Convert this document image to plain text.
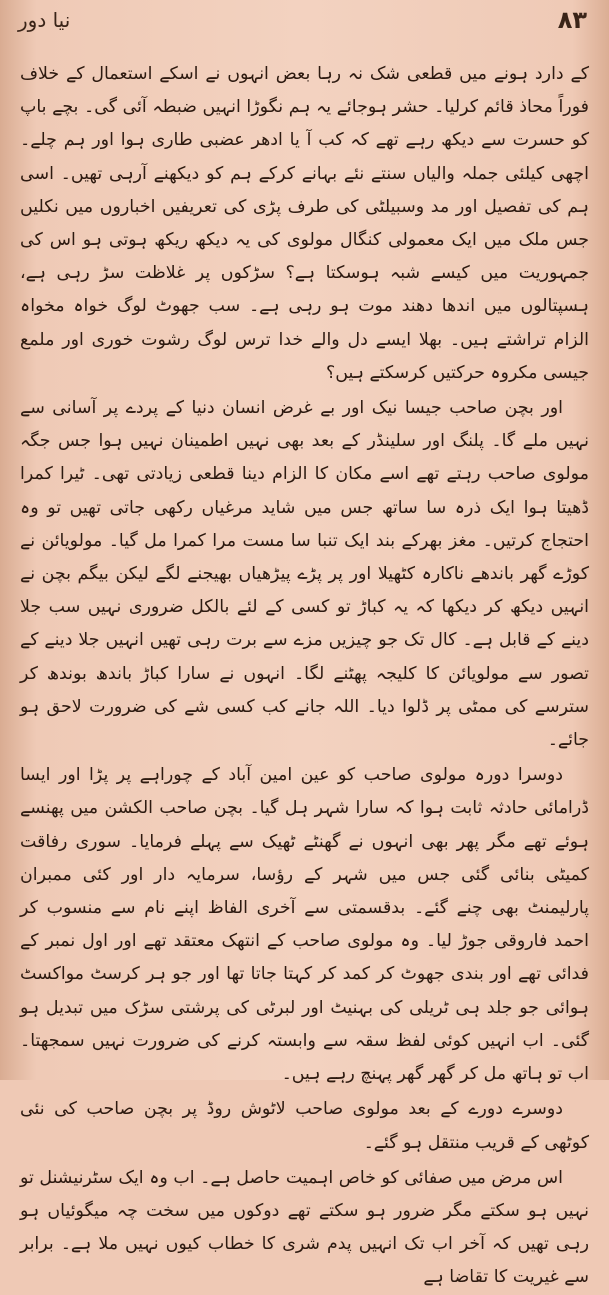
نیا دور	٨٣

کے دارد ہونے میں قطعی شک نہ رہا بعض انہوں نے اسکے استعمال کے خلاف فوراً محاذ قائم کرلیا۔ حشر ہوجائے یہ ہم نگوڑا انہیں ضبطہ آئی گی۔ بچے باپ کو حسرت سے دیکھ رہے تھے کہ کب آ یا ادھر عضبی طاری ہوا اور ہم چلے۔ اچھی کیلئی جملہ والیاں سنتے نئے بہانے کرکے ہم کو دیکھنے آرہی تھیں۔ اسی ہم کی تفصیل اور مد وسبیلٹی کی طرف پڑی کی تعریفیں اخباروں میں نکلیں جس ملک میں ایک معمولی کنگال مولوی کی یہ دیکھ ریکھ ہوتی ہو اس کی جمہوریت میں کیسے شبہ ہوسکتا ہے؟ سڑکوں پر غلاظت سڑ رہی ہے، ہسپتالوں میں اندھا دھند موت ہو رہی ہے۔ سب جھوٹ لوگ خواہ مخواہ الزام تراشتے ہیں۔ بھلا ایسے دل والے خدا ترس لوگ رشوت خوری اور ملمع جیسی مکروہ حرکتیں کرسکتے ہیں؟

اور بچن صاحب جیسا نیک اور بے غرض انسان دنیا کے پردے پر آسانی سے نہیں ملے گا۔ پلنگ اور سلینڈر کے بعد بھی نہیں اطمینان نہیں ہوا جس جگہ مولوی صاحب رہتے تھے اسے مکان کا الزام دینا قطعی زیادتی تھی۔ ٹیرا کمرا ڈھیتا ہوا ایک ذرہ سا ساتھ جس میں شاید مرغیاں رکھی جاتی تھیں تو وہ احتجاج کرتیں۔ مغز بھرکے بند ایک تنبا سا مست مرا کمرا مل گیا۔ مولویائن نے کوڑے گھر باندھے ناکارہ کٹھیلا اور پر پڑے پیڑھیاں بھیجنے لگے لیکن بیگم بچن نے انہیں دیکھ کر دیکھا کہ یہ کباڑ تو کسی کے لئے بالکل ضروری نہیں سب جلا دینے کے قابل ہے۔ کال تک جو چیزیں مزے سے برت رہی تھیں انہیں جلا دینے کے تصور سے مولویائن کا کلیجہ پھٹنے لگا۔ انہوں نے سارا کباڑ باندھ بوندھ کر سترسے کی ممٹی پر ڈلوا دیا۔ اللہ جانے کب کسی شے کی ضرورت لاحق ہو جائے۔

دوسرا دورہ مولوی صاحب کو عین امین آباد کے چوراہے پر پڑا اور ایسا ڈرامائی حادثہ ثابت ہوا کہ سارا شہر ہل گیا۔ بچن صاحب الکشن میں پھنسے ہوئے تھے مگر پھر بھی انہوں نے گھنٹے ٹھیک سے پہلے فرمایا۔ سوری رفاقت کمیٹی بنائی گئی جس میں شہر کے رؤسا، سرمایہ دار اور کئی ممبران پارلیمنٹ بھی چنے گئے۔ بدقسمتی سے آخری الفاظ اپنے نام سے منسوب کر احمد فاروقی جوڑ لیا۔ وہ مولوی صاحب کے انتھک معتقد تھے اور اول نمبر کے فدائی تھے اور بندی جھوٹ کر کمد کر کہتا جاتا تھا اور جو ہر کرسٹ مواکسٹ ہوائی جو جلد ہی ٹریلی کی بہنیٹ اور لبرٹی کی پرشتی سڑک میں تبدیل ہو گئی۔ اب انہیں کوئی لفظ سقہ سے وابستہ کرنے کی ضرورت نہیں سمجھتا۔ اب تو ہاتھ مل کر گھر گھر پہنچ رہے ہیں۔

دوسرے دورے کے بعد مولوی صاحب لاٹوش روڈ پر بچن صاحب کی نئی کوٹھی کے قریب منتقل ہو گئے۔

اس مرض میں صفائی کو خاص اہمیت حاصل ہے۔ اب وہ ایک سٹرنیشنل تو نہیں ہو سکتے مگر ضرور ہو سکتے تھے دوکوں میں سخت چہ میگوئیاں ہو رہی تھیں کہ آخر اب تک انہیں پدم شری کا خطاب کیوں نہیں ملا ہے۔ برابر سے غیریت کا تقاضا ہے
